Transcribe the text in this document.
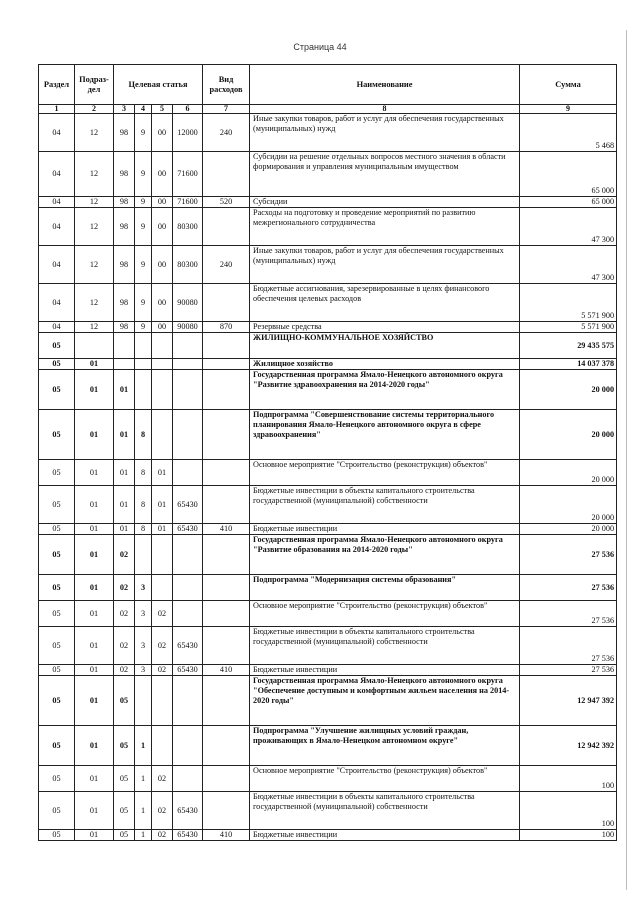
Страница 44
Раздел	Подраз-дел	Целевая статья				Вид расходов	Наименование	Сумма
1	2	3	4	5	6	7	8	9
04	12	98	9	00	12000	240	Иные закупки товаров, работ и услуг для обеспечения государственных (муниципальных) нужд	5 468
04	12	98	9	00	71600		Субсидии на решение отдельных вопросов местного значения в области формирования и управления муниципальным имуществом	65 000
04	12	98	9	00	71600	520	Субсидии	65 000
04	12	98	9	00	80300		Расходы на подготовку и проведение мероприятий по развитию межрегионального сотрудничества	47 300
04	12	98	9	00	80300	240	Иные закупки товаров, работ и услуг для обеспечения государственных (муниципальных) нужд	47 300
04	12	98	9	00	90080		Бюджетные ассигнования, зарезервированные в целях финансового обеспечения целевых расходов	5 571 900
04	12	98	9	00	90080	870	Резервные средства	5 571 900
05							ЖИЛИЩНО-КОММУНАЛЬНОЕ ХОЗЯЙСТВО	29 435 575
05	01						Жилищное хозяйство	14 037 378
05	01	01					Государственная программа Ямало-Ненецкого автономного округа "Развитие здравоохранения на 2014-2020 годы"	20 000
05	01	01	8				Подпрограмма "Совершенствование системы территориального планирования Ямало-Ненецкого автономного округа в сфере здравоохранения"	20 000
05	01	01	8	01			Основное мероприятие "Строительство (реконструкция) объектов"	20 000
05	01	01	8	01	65430		Бюджетные инвестиции в объекты капитального строительства государственной (муниципальной) собственности	20 000
05	01	01	8	01	65430	410	Бюджетные инвестиции	20 000
05	01	02					Государственная программа Ямало-Ненецкого автономного округа "Развитие образования на 2014-2020 годы"	27 536
05	01	02	3				Подпрограмма "Модернизация системы образования"	27 536
05	01	02	3	02			Основное мероприятие "Строительство (реконструкция) объектов"	27 536
05	01	02	3	02	65430		Бюджетные инвестиции в объекты капитального строительства государственной (муниципальной) собственности	27 536
05	01	02	3	02	65430	410	Бюджетные инвестиции	27 536
05	01	05					Государственная программа Ямало-Ненецкого автономного округа "Обеспечение доступным и комфортным жильем населения на 2014-2020 годы"	12 947 392
05	01	05	1				Подпрограмма "Улучшение жилищных условий граждан, проживающих в Ямало-Ненецком автономном округе"	12 942 392
05	01	05	1	02			Основное мероприятие "Строительство (реконструкция) объектов"	100
05	01	05	1	02	65430		Бюджетные инвестиции в объекты капитального строительства государственной (муниципальной) собственности	100
05	01	05	1	02	65430	410	Бюджетные инвестиции	100
